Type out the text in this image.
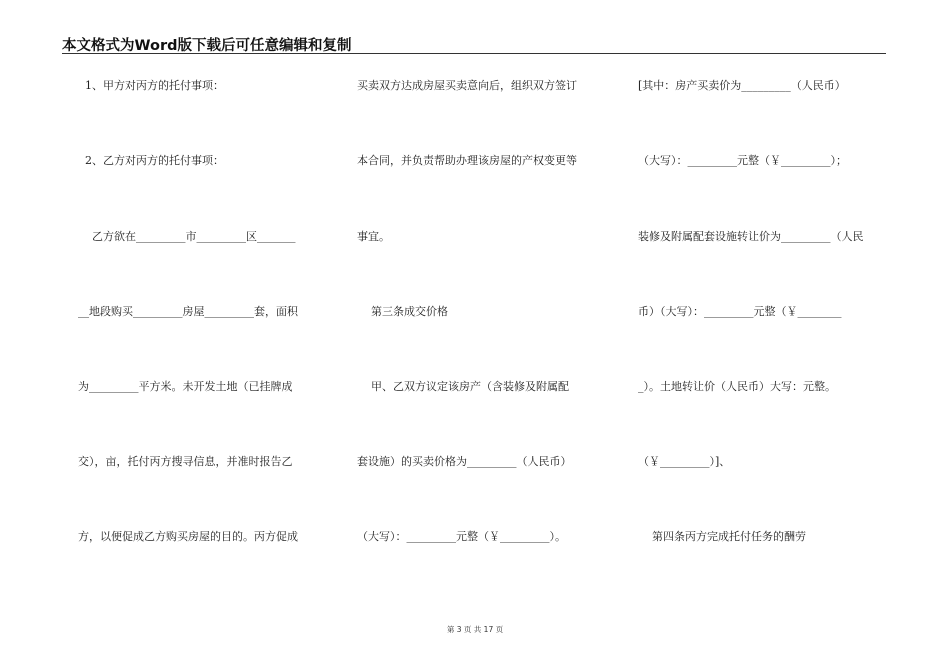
本文格式为Word版下载后可任意编辑和复制
1、甲方对丙方的托付事项：
2、乙方对丙方的托付事项：
乙方欲在_________市_________区_______
__地段购买_________房屋_________套，面积
为_________平方米。未开发土地（已挂牌成
交），亩，托付丙方搜寻信息，并准时报告乙
方，以便促成乙方购买房屋的目的。丙方促成
买卖双方达成房屋买卖意向后，组织双方签订
本合同，并负责帮助办理该房屋的产权变更等
事宜。
第三条成交价格
甲、乙双方议定该房产（含装修及附属配
套设施）的买卖价格为_________（人民币）
（大写）：_________元整（￥_________）。
[其中：房产买卖价为_________（人民币）
（大写）：_________元整（￥_________）；
装修及附属配套设施转让价为_________（人民
币）（大写）：_________元整（￥________
_）。土地转让价（人民币）大写：元整。
（￥_________）]、
第四条丙方完成托付任务的酬劳
第 3 页 共 17 页
